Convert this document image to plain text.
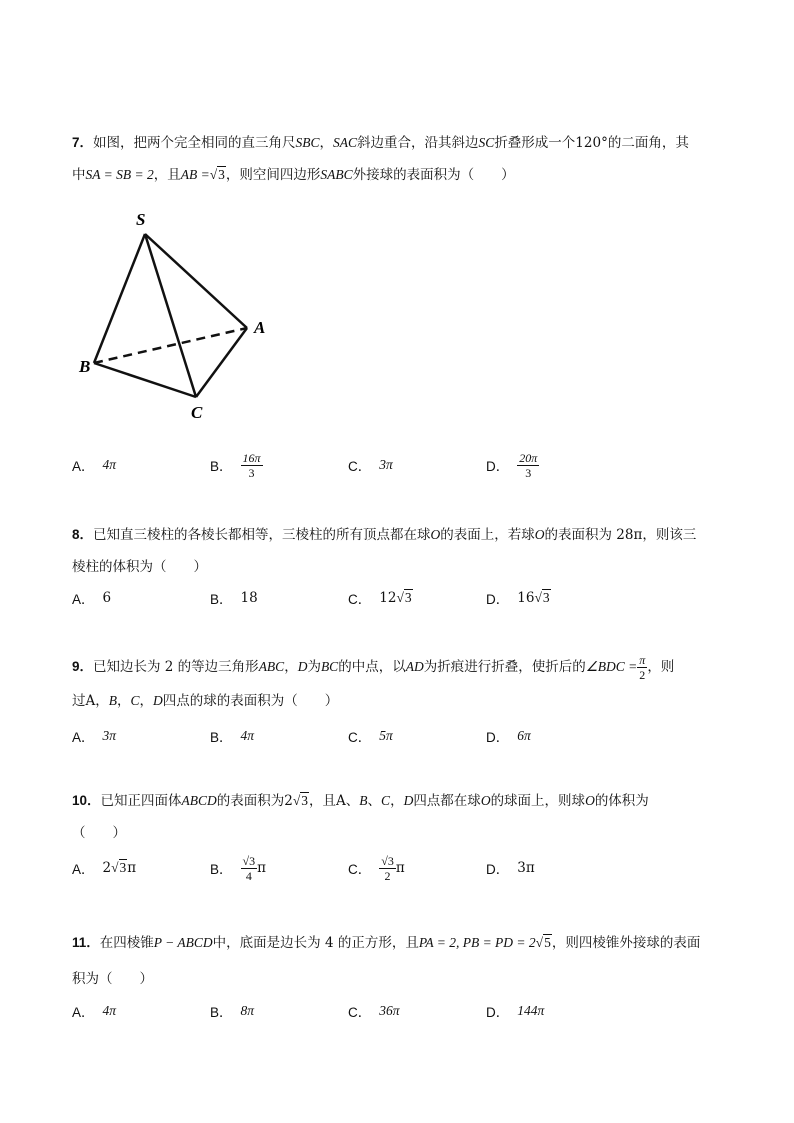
7．如图，把两个完全相同的直三角尺SBC，SAC斜边重合，沿其斜边SC折叠形成一个120°的二面角，其
中SA = SB = 2，且AB =√3，则空间四边形SABC外接球的表面积为（　　）
S
A
B
C
A． 4π	B． $\frac{16\pi}{3}$	C． 3π	D． $\frac{20\pi}{3}$
8．已知直三棱柱的各棱长都相等，三棱柱的所有顶点都在球O的表面上，若球O的表面积为 28π，则该三
棱柱的体积为（　　）
A． 6	B． 18	C． 12 √3	D． 16 √3
9．已知边长为 2 的等边三角形ABC，D为BC的中点，以AD为折痕进行折叠，使折后的∠BDC = $\frac{\pi}{2}$ ，则
过A，B，C，D四点的球的表面积为（　　）
A． 3π	B． 4π	C． 5π	D． 6π
10．已知正四面体ABCD的表面积为2√3，且A、B、C，D四点都在球O的球面上，则球O的体积为
（　　）
A． 2 √3 π	B． $\frac{√3}{4}$ π	C． $\frac{√3}{2}$ π	D． 3π
11．在四棱锥P − ABCD中，底面是边长为 4 的正方形，且PA = 2, PB = PD = 2√5，则四棱锥外接球的表面
积为（　　）
A． 4π	B． 8π	C． 36π	D． 144π
